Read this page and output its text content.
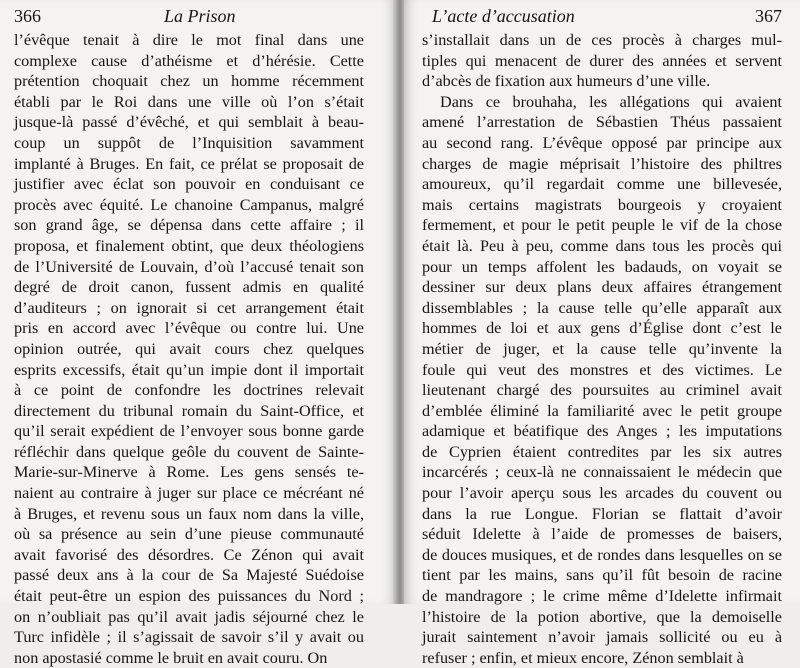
366	La Prison
l’évêque tenait à dire le mot final dans une
complexe cause d’athéisme et d’hérésie. Cette
prétention choquait chez un homme récemment
établi par le Roi dans une ville où l’on s’était
jusque-là passé d’évêché, et qui semblait à beau-
coup un suppôt de l’Inquisition savamment
implanté à Bruges. En fait, ce prélat se proposait de
justifier avec éclat son pouvoir en conduisant ce
procès avec équité. Le chanoine Campanus, malgré
son grand âge, se dépensa dans cette affaire ; il
proposa, et finalement obtint, que deux théologiens
de l’Université de Louvain, d’où l’accusé tenait son
degré de droit canon, fussent admis en qualité
d’auditeurs ; on ignorait si cet arrangement était
pris en accord avec l’évêque ou contre lui. Une
opinion outrée, qui avait cours chez quelques
esprits excessifs, était qu’un impie dont il importait
à ce point de confondre les doctrines relevait
directement du tribunal romain du Saint-Office, et
qu’il serait expédient de l’envoyer sous bonne garde
réfléchir dans quelque geôle du couvent de Sainte-
Marie-sur-Minerve à Rome. Les gens sensés te-
naient au contraire à juger sur place ce mécréant né
à Bruges, et revenu sous un faux nom dans la ville,
où sa présence au sein d’une pieuse communauté
avait favorisé des désordres. Ce Zénon qui avait
passé deux ans à la cour de Sa Majesté Suédoise
était peut-être un espion des puissances du Nord ;
on n’oubliait pas qu’il avait jadis séjourné chez le
Turc infidèle ; il s’agissait de savoir s’il y avait ou
non apostasié comme le bruit en avait couru. On
L’acte d’accusation	367
s’installait dans un de ces procès à charges mul-
tiples qui menacent de durer des années et servent
d’abcès de fixation aux humeurs d’une ville.
Dans ce brouhaha, les allégations qui avaient
amené l’arrestation de Sébastien Théus passaient
au second rang. L’évêque opposé par principe aux
charges de magie méprisait l’histoire des philtres
amoureux, qu’il regardait comme une billevesée,
mais certains magistrats bourgeois y croyaient
fermement, et pour le petit peuple le vif de la chose
était là. Peu à peu, comme dans tous les procès qui
pour un temps affolent les badauds, on voyait se
dessiner sur deux plans deux affaires étrangement
dissemblables ; la cause telle qu’elle apparaît aux
hommes de loi et aux gens d’Église dont c’est le
métier de juger, et la cause telle qu’invente la
foule qui veut des monstres et des victimes. Le
lieutenant chargé des poursuites au criminel avait
d’emblée éliminé la familiarité avec le petit groupe
adamique et béatifique des Anges ; les imputations
de Cyprien étaient contredites par les six autres
incarcérés ; ceux-là ne connaissaient le médecin que
pour l’avoir aperçu sous les arcades du couvent ou
dans la rue Longue. Florian se flattait d’avoir
séduit Idelette à l’aide de promesses de baisers,
de douces musiques, et de rondes dans lesquelles on se
tient par les mains, sans qu’il fût besoin de racine
de mandragore ; le crime même d’Idelette infirmait
l’histoire de la potion abortive, que la demoiselle
jurait saintement n’avoir jamais sollicité ou eu à
refuser ; enfin, et mieux encore, Zénon semblait à
